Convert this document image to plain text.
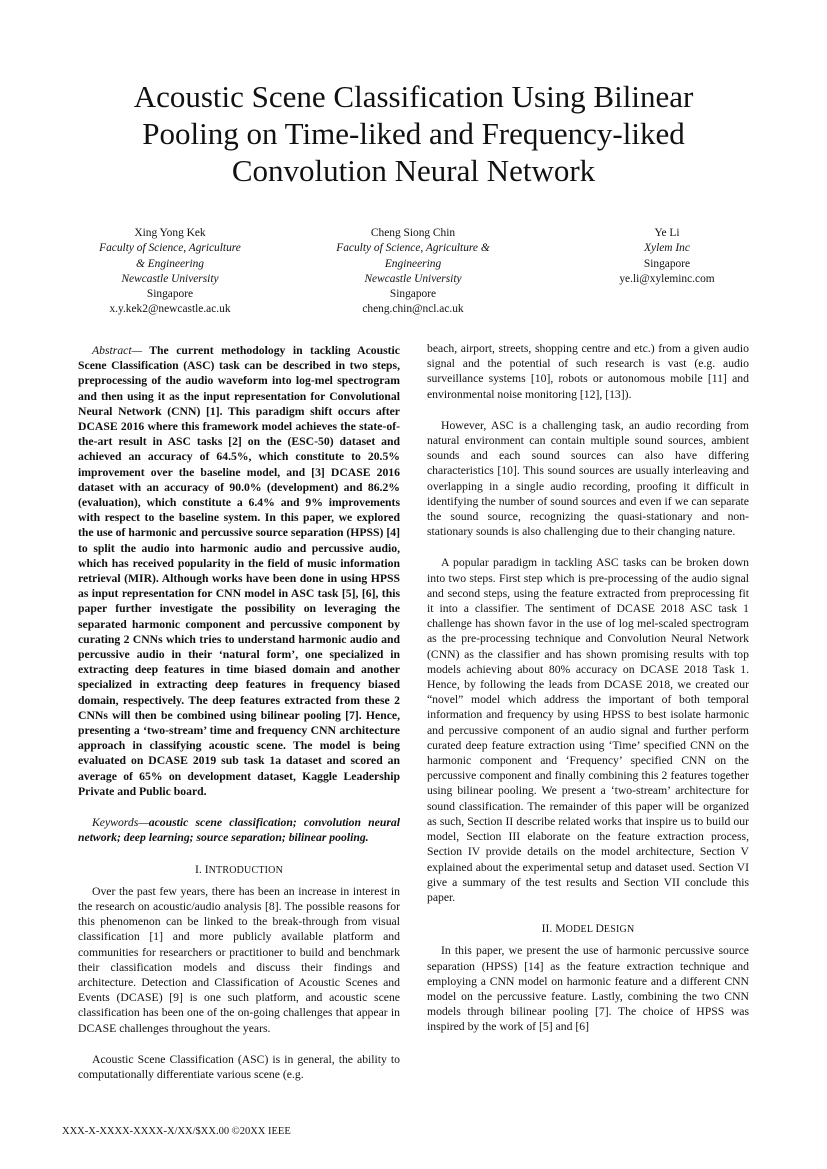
Acoustic Scene Classification Using Bilinear
Pooling on Time-liked and Frequency-liked
Convolution Neural Network
Xing Yong Kek
Faculty of Science, Agriculture
& Engineering
Newcastle University
Singapore
x.y.kek2@newcastle.ac.uk
Cheng Siong Chin
Faculty of Science, Agriculture &
Engineering
Newcastle University
Singapore
cheng.chin@ncl.ac.uk
Ye Li
Xylem Inc
Singapore
ye.li@xyleminc.com

Abstract— The current methodology in tackling Acoustic Scene Classification (ASC) task can be described in two steps, preprocessing of the audio waveform into log-mel spectrogram and then using it as the input representation for Convolutional Neural Network (CNN) [1]. This paradigm shift occurs after DCASE 2016 where this framework model achieves the state-of-the-art result in ASC tasks [2] on the (ESC-50) dataset and achieved an accuracy of 64.5%, which constitute to 20.5% improvement over the baseline model, and [3] DCASE 2016 dataset with an accuracy of 90.0% (development) and 86.2% (evaluation), which constitute a 6.4% and 9% improvements with respect to the baseline system. In this paper, we explored the use of harmonic and percussive source separation (HPSS) [4] to split the audio into harmonic audio and percussive audio, which has received popularity in the field of music information retrieval (MIR). Although works have been done in using HPSS as input representation for CNN model in ASC task [5], [6], this paper further investigate the possibility on leveraging the separated harmonic component and percussive component by curating 2 CNNs which tries to understand harmonic audio and percussive audio in their ‘natural form’, one specialized in extracting deep features in time biased domain and another specialized in extracting deep features in frequency biased domain, respectively. The deep features extracted from these 2 CNNs will then be combined using bilinear pooling [7]. Hence, presenting a ‘two-stream’ time and frequency CNN architecture approach in classifying acoustic scene. The model is being evaluated on DCASE 2019 sub task 1a dataset and scored an average of 65% on development dataset, Kaggle Leadership Private and Public board.

Keywords—acoustic scene classification; convolution neural network; deep learning; source separation; bilinear pooling.

I. INTRODUCTION

Over the past few years, there has been an increase in interest in the research on acoustic/audio analysis [8]. The possible reasons for this phenomenon can be linked to the break-through from visual classification [1] and more publicly available platform and communities for researchers or practitioner to build and benchmark their classification models and discuss their findings and architecture. Detection and Classification of Acoustic Scenes and Events (DCASE) [9] is one such platform, and acoustic scene classification has been one of the on-going challenges that appear in DCASE challenges throughout the years.

Acoustic Scene Classification (ASC) is in general, the ability to computationally differentiate various scene (e.g.

beach, airport, streets, shopping centre and etc.) from a given audio signal and the potential of such research is vast (e.g. audio surveillance systems [10], robots or autonomous mobile [11] and environmental noise monitoring [12], [13]).

However, ASC is a challenging task, an audio recording from natural environment can contain multiple sound sources, ambient sounds and each sound sources can also have differing characteristics [10]. This sound sources are usually interleaving and overlapping in a single audio recording, proofing it difficult in identifying the number of sound sources and even if we can separate the sound source, recognizing the quasi-stationary and non-stationary sounds is also challenging due to their changing nature.

A popular paradigm in tackling ASC tasks can be broken down into two steps. First step which is pre-processing of the audio signal and second steps, using the feature extracted from preprocessing fit it into a classifier. The sentiment of DCASE 2018 ASC task 1 challenge has shown favor in the use of log mel-scaled spectrogram as the pre-processing technique and Convolution Neural Network (CNN) as the classifier and has shown promising results with top models achieving about 80% accuracy on DCASE 2018 Task 1. Hence, by following the leads from DCASE 2018, we created our “novel” model which address the important of both temporal information and frequency by using HPSS to best isolate harmonic and percussive component of an audio signal and further perform curated deep feature extraction using ‘Time’ specified CNN on the harmonic component and ‘Frequency’ specified CNN on the percussive component and finally combining this 2 features together using bilinear pooling. We present a ‘two-stream’ architecture for sound classification. The remainder of this paper will be organized as such, Section II describe related works that inspire us to build our model, Section III elaborate on the feature extraction process, Section IV provide details on the model architecture, Section V explained about the experimental setup and dataset used. Section VI give a summary of the test results and Section VII conclude this paper.

II. MODEL DESIGN

In this paper, we present the use of harmonic percussive source separation (HPSS) [14] as the feature extraction technique and employing a CNN model on harmonic feature and a different CNN model on the percussive feature. Lastly, combining the two CNN models through bilinear pooling [7]. The choice of HPSS was inspired by the work of [5] and [6]

XXX-X-XXXX-XXXX-X/XX/$XX.00 ©20XX IEEE
